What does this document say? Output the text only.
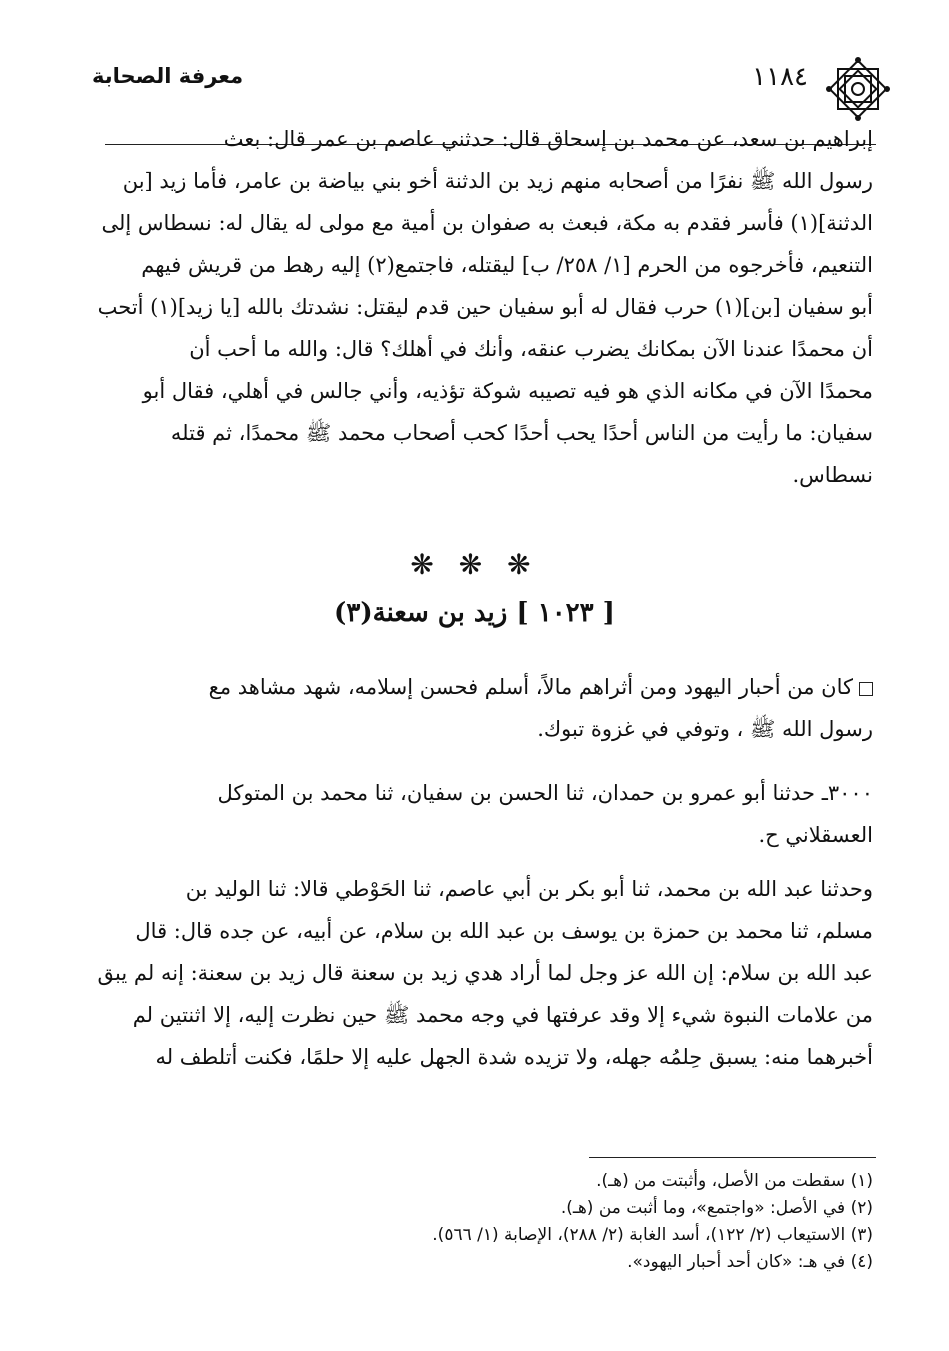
١١٨٤
معرفة الصحابة

إبراهيم بن سعد، عن محمد بن إسحاق قال: حدثني عاصم بن عمر قال: بعث

رسول الله ﷺ نفرًا من أصحابه منهم زيد بن الدثنة أخو بني بياضة بن عامر، فأما زيد [بن

الدثنة](١) فأسر فقدم به مكة، فبعث به صفوان بن أمية مع مولى له يقال له: نسطاس إلى

التنعيم، فأخرجوه من الحرم [١/ ٢٥٨/ ب] ليقتله، فاجتمع(٢) إليه رهط من قريش فيهم

أبو سفيان [بن](١) حرب فقال له أبو سفيان حين قدم ليقتل: نشدتك بالله [يا زيد](١) أتحب

أن محمدًا عندنا الآن بمكانك يضرب عنقه، وأنك في أهلك؟ قال: والله ما أحب أن

محمدًا الآن في مكانه الذي هو فيه تصيبه شوكة تؤذيه، وأني جالس في أهلي، فقال أبو

سفيان: ما رأيت من الناس أحدًا يحب أحدًا كحب أصحاب محمد ﷺ محمدًا، ثم قتله

نسطاس.

❋ ❋ ❋
[ ١٠٢٣ ] زيد بن سعنة(٣)

كان من أحبار اليهود ومن أثراهم مالاً، أسلم فحسن إسلامه، شهد مشاهد مع

رسول الله ﷺ ، وتوفي في غزوة تبوك.

٣٠٠٠ـ حدثنا أبو عمرو بن حمدان، ثنا الحسن بن سفيان، ثنا محمد بن المتوكل

العسقلاني ح.

وحدثنا عبد الله بن محمد، ثنا أبو بكر بن أبي عاصم، ثنا الحَوْطي قالا: ثنا الوليد بن

مسلم، ثنا محمد بن حمزة بن يوسف بن عبد الله بن سلام، عن أبيه، عن جده قال: قال

عبد الله بن سلام: إن الله عز وجل لما أراد هدي زيد بن سعنة قال زيد بن سعنة: إنه لم يبق

من علامات النبوة شيء إلا وقد عرفتها في وجه محمد ﷺ حين نظرت إليه، إلا اثنتين لم

أخبرهما منه: يسبق حِلمُه جهله، ولا تزيده شدة الجهل عليه إلا حلمًا، فكنت أتلطف له

(١) سقطت من الأصل، وأثبتت من (هـ).

(٢) في الأصل: «واجتمع»، وما أثبت من (هـ).

(٣) الاستيعاب (٢/ ١٢٢)، أسد الغابة (٢/ ٢٨٨)، الإصابة (١/ ٥٦٦).

(٤) في هـ: «كان أحد أحبار اليهود».
